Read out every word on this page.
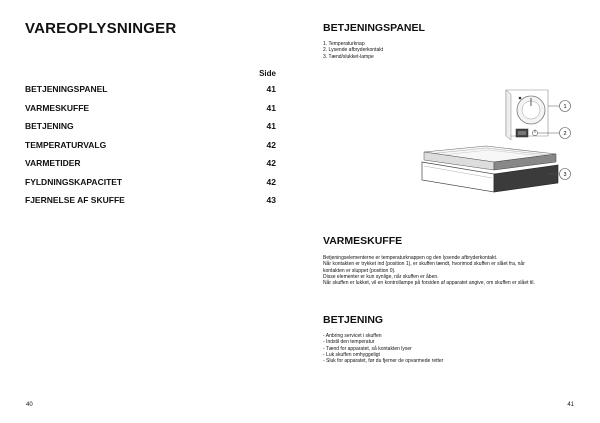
VAREOPLYSNINGER
Side
BETJENINGSPANEL	41
VARMESKUFFE	41
BETJENING	41
TEMPERATURVALG	42
VARMETIDER	42
FYLDNINGSKAPACITET	42
FJERNELSE AF SKUFFE	43
40
BETJENINGSPANEL
1. Temperaturknap
2. Lysende afbryderkontakt
3. Tænd/slukket-lampe
1
2
3
VARMESKUFFE

Betjeningselementerne er temperaturknappen og den lysende afbryderkontakt.

Når kontakten er trykket ind (position 1), er skuffen tændt, hvorimod skuffen er slået fra, når

kontakten er sluppet (position 0).

Disse elementer er kun synlige, når skuffen er åben.

Når skuffen er lukket, vil en kontrollampe på forsiden af apparatet angive, om skuffen er slået til.

BETJENING
- Anbring servicet i skuffen
- Indstil den temperatur
- Tænd for apparatet, så kontakten lyser
- Luk skuffen omhyggeligt
- Sluk for apparatet, før du fjerner de opvarmede retter
41
